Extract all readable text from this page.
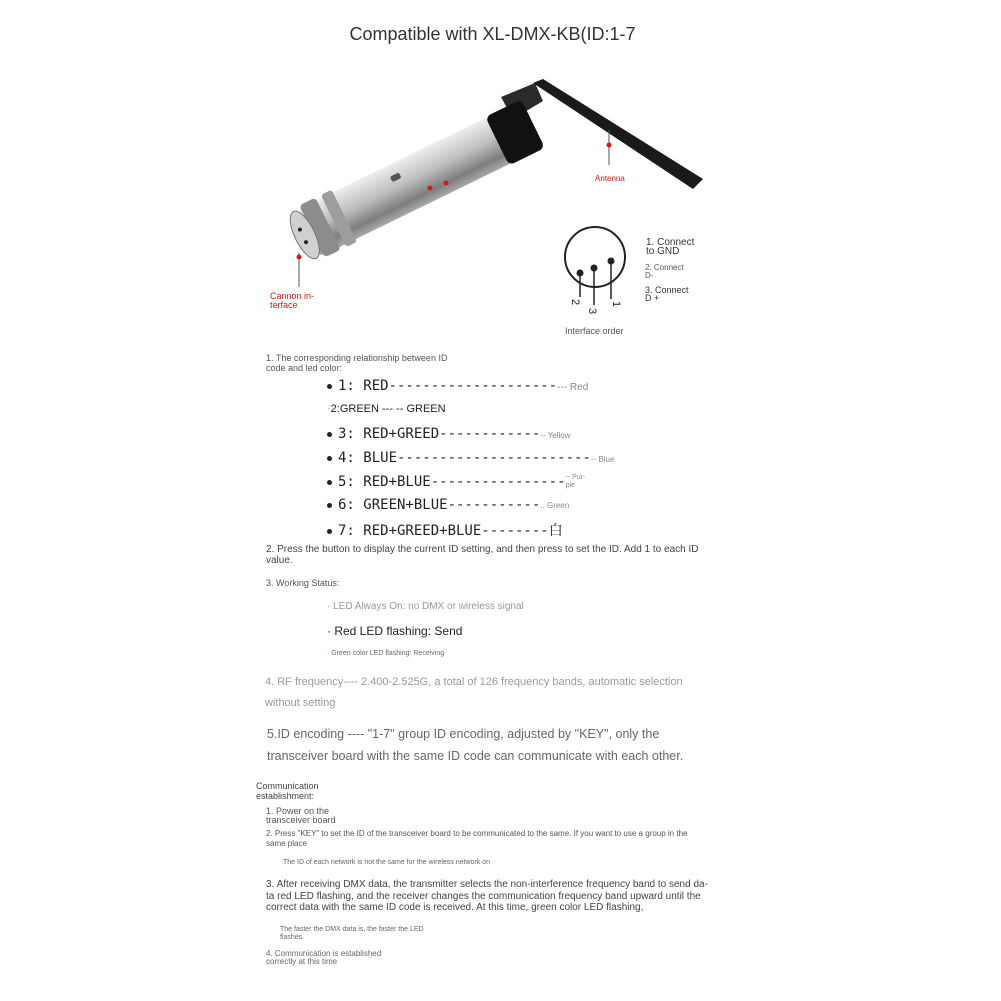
Compatible with XL-DMX-KB(ID:1-7
Antenna
Cannon in-
terface	1
2
3
1. Connect
to GND
2. Connect
D-
3. Connect
D +
Interface order
1. The corresponding relationship between ID
code and led color:
1: RED----------------------- Red
·2:GREEN --- -- GREEN
3: RED+GREED-------------- Yellow
4: BLUE------------------------- Blue
5: RED+BLUE------------------ Pur- ple
6: GREEN+BLUE-----------.. Green
7: RED+GREED+BLUE--------白
2. Press the button to display the current ID setting, and then press to set the ID. Add 1 to each ID value.
3. Working Status:
· LED Always On: no DMX or wireless signal
· Red LED flashing: Send
· Green color LED flashing: Receiving
4. RF frequency---- 2.400-2.525G, a total of 126 frequency bands, automatic selection
without setting
5.ID encoding ---- "1-7" group ID encoding, adjusted by "KEY", only the
transceiver board with the same ID code can communicate with each other.
Communication
establishment:
1. Power on the
transceiver board
2. Press "KEY" to set the ID of the transceiver board to be communicated to the same. If you want to use a group in the
same place
The ID of each network is not the same for the wireless network on
3. After receiving DMX data, the transmitter selects the non-interference frequency band to send da-
ta red LED flashing, and the receiver changes the communication frequency band upward until the
correct data with the same ID code is received. At this time, green color LED flashing,
The faster the DMX data is, the faster the LED
flashes.
4. Communication is established
correctly at this time
